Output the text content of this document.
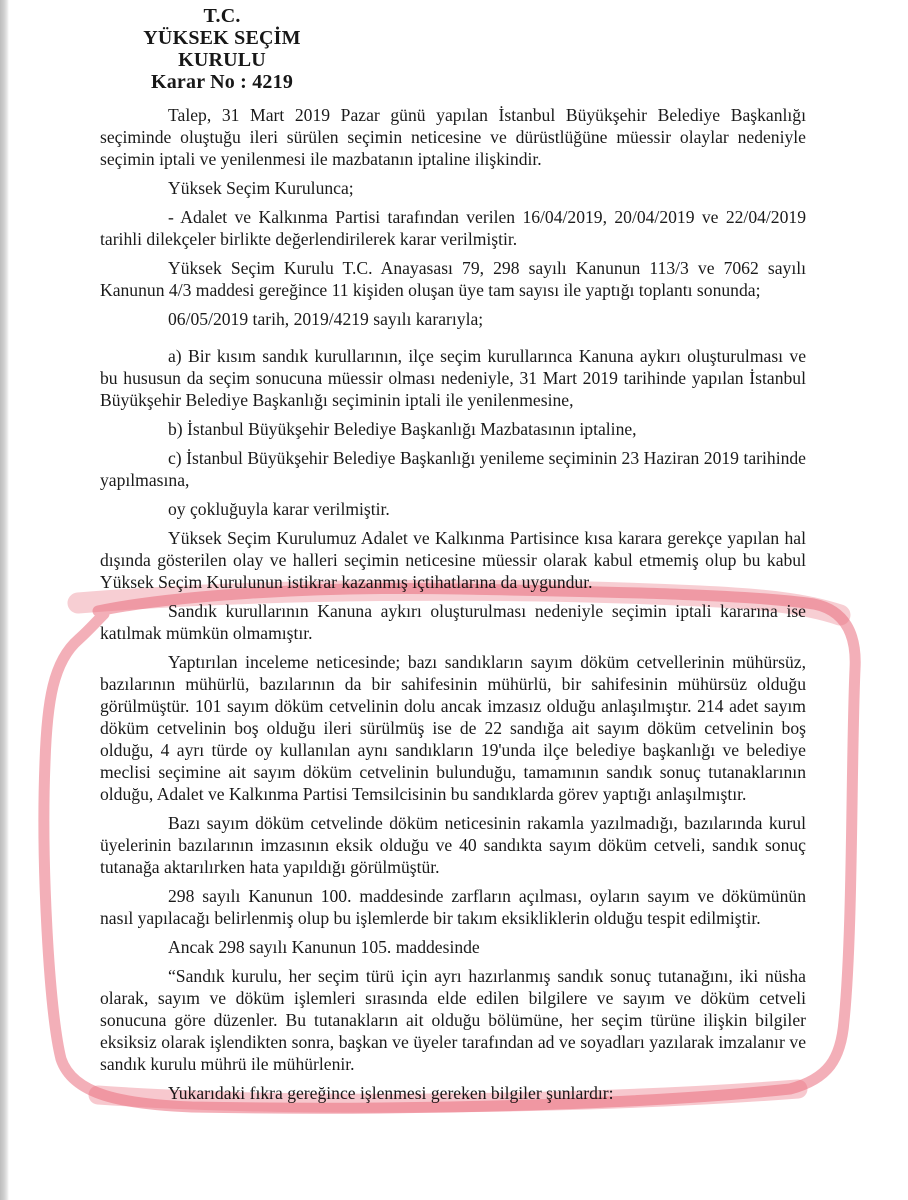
T.C.
YÜKSEK SEÇİM KURULU
Karar No : 4219

Talep, 31 Mart 2019 Pazar günü yapılan İstanbul Büyükşehir Belediye Başkanlığı seçiminde oluştuğu ileri sürülen seçimin neticesine ve dürüstlüğüne müessir olaylar nedeniyle seçimin iptali ve yenilenmesi ile mazbatanın iptaline ilişkindir.

Yüksek Seçim Kurulunca;

- Adalet ve Kalkınma Partisi tarafından verilen 16/04/2019, 20/04/2019 ve 22/04/2019 tarihli dilekçeler birlikte değerlendirilerek karar verilmiştir.

Yüksek Seçim Kurulu T.C. Anayasası 79, 298 sayılı Kanunun 113/3 ve 7062 sayılı Kanunun 4/3 maddesi gereğince 11 kişiden oluşan üye tam sayısı ile yaptığı toplantı sonunda;

06/05/2019 tarih, 2019/4219 sayılı kararıyla;

a) Bir kısım sandık kurullarının, ilçe seçim kurullarınca Kanuna aykırı oluşturulması ve bu hususun da seçim sonucuna müessir olması nedeniyle, 31 Mart 2019 tarihinde yapılan İstanbul Büyükşehir Belediye Başkanlığı seçiminin iptali ile yenilenmesine,

b) İstanbul Büyükşehir Belediye Başkanlığı Mazbatasının iptaline,

c) İstanbul Büyükşehir Belediye Başkanlığı yenileme seçiminin 23 Haziran 2019 tarihinde yapılmasına,

oy çokluğuyla karar verilmiştir.

Yüksek Seçim Kurulumuz Adalet ve Kalkınma Partisince kısa karara gerekçe yapılan hal dışında gösterilen olay ve halleri seçimin neticesine müessir olarak kabul etmemiş olup bu kabul Yüksek Seçim Kurulunun istikrar kazanmış içtihatlarına da uygundur.

Sandık kurullarının Kanuna aykırı oluşturulması nedeniyle seçimin iptali kararına ise katılmak mümkün olmamıştır.

Yaptırılan inceleme neticesinde; bazı sandıkların sayım döküm cetvellerinin mühürsüz, bazılarının mühürlü, bazılarının da bir sahifesinin mühürlü, bir sahifesinin mühürsüz olduğu görülmüştür. 101 sayım döküm cetvelinin dolu ancak imzasız olduğu anlaşılmıştır. 214 adet sayım döküm cetvelinin boş olduğu ileri sürülmüş ise de 22 sandığa ait sayım döküm cetvelinin boş olduğu, 4 ayrı türde oy kullanılan aynı sandıkların 19'unda ilçe belediye başkanlığı ve belediye meclisi seçimine ait sayım döküm cetvelinin bulunduğu, tamamının sandık sonuç tutanaklarının olduğu, Adalet ve Kalkınma Partisi Temsilcisinin bu sandıklarda görev yaptığı anlaşılmıştır.

Bazı sayım döküm cetvelinde döküm neticesinin rakamla yazılmadığı, bazılarında kurul üyelerinin bazılarının imzasının eksik olduğu ve 40 sandıkta sayım döküm cetveli, sandık sonuç tutanağa aktarılırken hata yapıldığı görülmüştür.

298 sayılı Kanunun 100. maddesinde zarfların açılması, oyların sayım ve dökümünün nasıl yapılacağı belirlenmiş olup bu işlemlerde bir takım eksikliklerin olduğu tespit edilmiştir.

Ancak 298 sayılı Kanunun 105. maddesinde

“Sandık kurulu, her seçim türü için ayrı hazırlanmış sandık sonuç tutanağını, iki nüsha olarak, sayım ve döküm işlemleri sırasında elde edilen bilgilere ve sayım ve döküm cetveli sonucuna göre düzenler. Bu tutanakların ait olduğu bölümüne, her seçim türüne ilişkin bilgiler eksiksiz olarak işlendikten sonra, başkan ve üyeler tarafından ad ve soyadları yazılarak imzalanır ve sandık kurulu mührü ile mühürlenir.

Yukarıdaki fıkra gereğince işlenmesi gereken bilgiler şunlardır:
